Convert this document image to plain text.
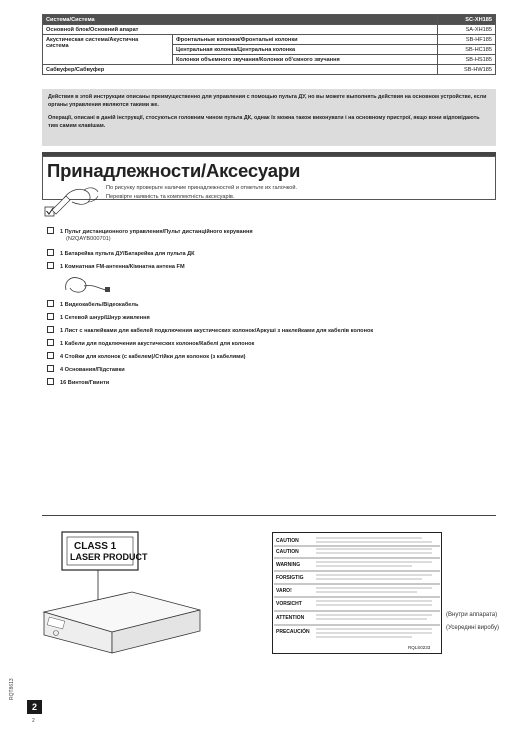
Система/Система		SC-XH185
Основной блок/Основний апарат		SA-XH185
Акустическая система/Акустична
система	Фронтальные колонки/Фронтальні колонки	SB-HF185
	Центральная колонка/Центральна колонка	SB-HC185
	Колонки объемного звучания/Колонки об'ємного звучання	SB-HS185
Сабвуфер/Сабвуфер		SB-HW185

Действия в этой инструкции описаны преимущественно для управления с помощью пульта ДУ, но вы можете выполнять действия на основном устройстве, если органы управления являются такими же.

Операції, описані в даній інструкції, стосуються головним чином пульта ДК, однак їх можна також виконувати і на основному пристрої, якщо вони відповідають тим самим клавішам.

Принадлежности/Аксесуари
По рисунку проверьте наличие принадлежностей и отметьте их галочкой.
Перевірте наявність та комплектність аксесуарів.
1 Пульт дистанционного управления/Пульт дистанційного керування
(N2QAYB000701)
1 Батарейка пульта ДУ/Батарейка для пульта ДК
1 Комнатная FM-антенна/Кімнатна антена FM
1 Видеокабель/Відеокабель
1 Сетевой шнур/Шнур живлення
1 Лист с наклейками для кабелей подключения акустических колонок/Аркуші з наклейками для кабелів колонок
1 Кабели для подключения акустических колонок/Кабелі для колонок
4 Стойки для колонок (с кабелем)/Стійки для колонок (з кабелями)
4 Основания/Підставки
16 Винтов/Гвинти
CLASS 1
LASER PRODUCT
CAUTION
CAUTION
WARNING
FORSIGTIG
VARO!
VORSICHT
ATTENTION
PRECAUCIÓN
RQLS0233
(Внутри аппарата)
(Усередині виробу)
RQT8613
2
2
